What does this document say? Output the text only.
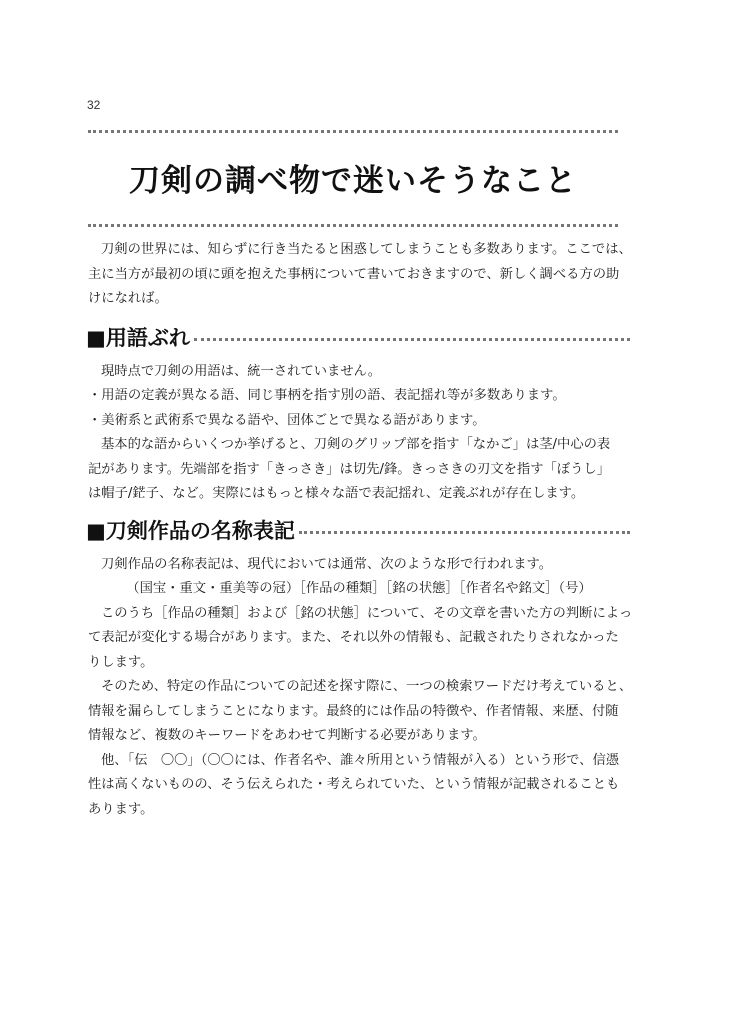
32
刀剣の調べ物で迷いそうなこと

刀剣の世界には、知らずに行き当たると困惑してしまうことも多数あります。ここでは、

主に当方が最初の頃に頭を抱えた事柄について書いておきますので、新しく調べる方の助

けになれば。

■用語ぶれ

現時点で刀剣の用語は、統一されていません。

・用語の定義が異なる語、同じ事柄を指す別の語、表記揺れ等が多数あります。

・美術系と武術系で異なる語や、団体ごとで異なる語があります。

基本的な語からいくつか挙げると、刀剣のグリップ部を指す「なかご」は茎/中心の表

記があります。先端部を指す「きっさき」は切先/鋒。きっさきの刃文を指す「ぼうし」

は帽子/鋩子、など。実際にはもっと様々な語で表記揺れ、定義ぶれが存在します。

■刀剣作品の名称表記

刀剣作品の名称表記は、現代においては通常、次のような形で行われます。

（国宝・重文・重美等の冠）［作品の種類］［銘の状態］［作者名や銘文］（号）

このうち［作品の種類］および［銘の状態］について、その文章を書いた方の判断によっ

て表記が変化する場合があります。また、それ以外の情報も、記載されたりされなかった

りします。

そのため、特定の作品についての記述を探す際に、一つの検索ワードだけ考えていると、

情報を漏らしてしまうことになります。最終的には作品の特徴や、作者情報、来歴、付随

情報など、複数のキーワードをあわせて判断する必要があります。

他、「伝　〇〇」（〇〇には、作者名や、誰々所用という情報が入る）という形で、信憑

性は高くないものの、そう伝えられた・考えられていた、という情報が記載されることも

あります。
